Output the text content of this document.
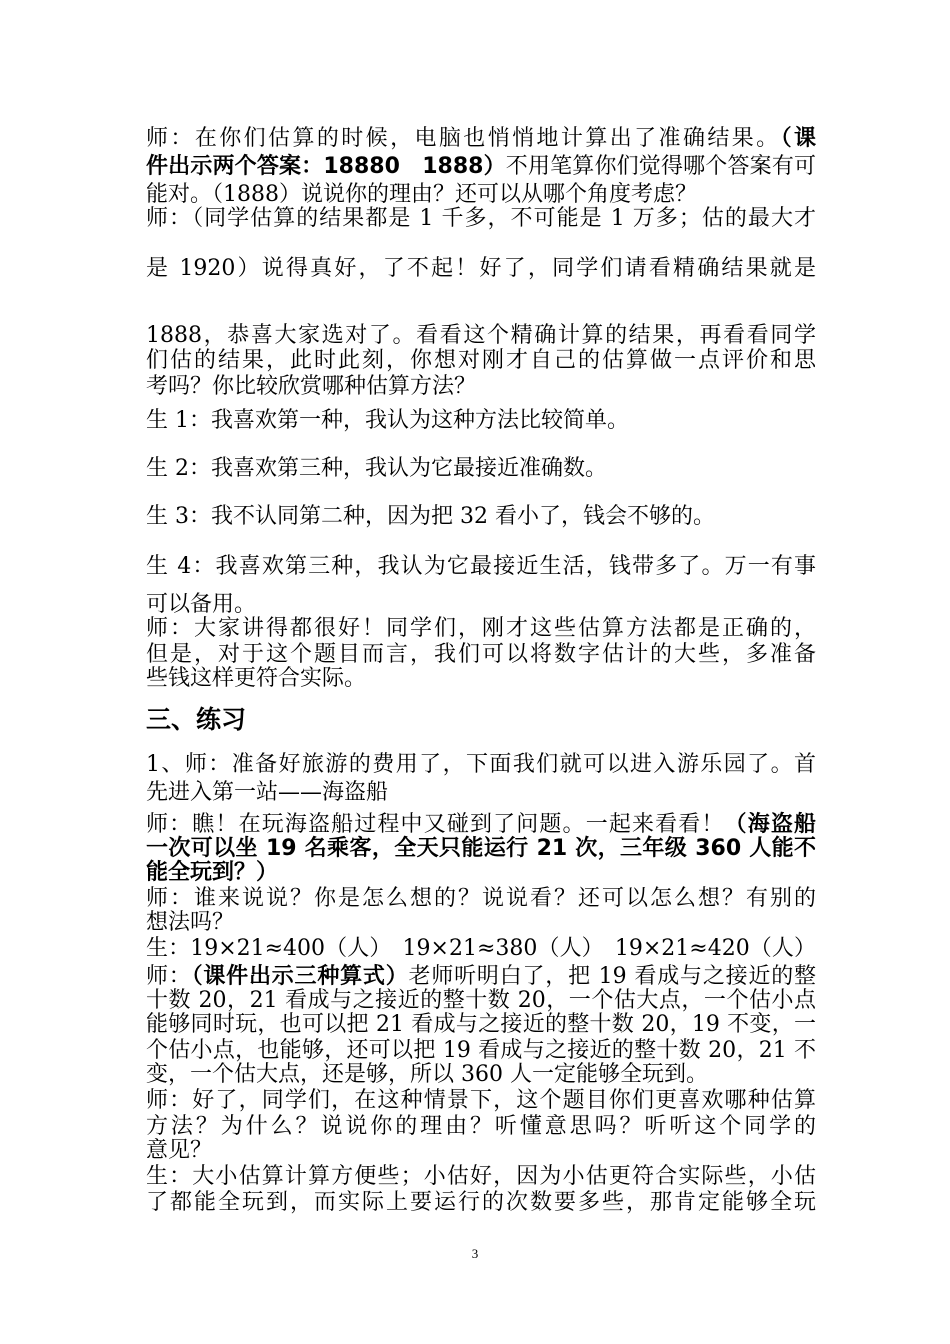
师：在你们估算的时候，电脑也悄悄地计算出了准确结果。（课
件出示两个答案：18880　1888）不用笔算你们觉得哪个答案有可
能对。（1888）说说你的理由？还可以从哪个角度考虑？
师：（同学估算的结果都是 1 千多，不可能是 1 万多；估的最大才
是 1920）说得真好，了不起！好了，同学们请看精确结果就是
1888，恭喜大家选对了。看看这个精确计算的结果，再看看同学
们估的结果，此时此刻，你想对刚才自己的估算做一点评价和思
考吗？你比较欣赏哪种估算方法？
生 1：我喜欢第一种，我认为这种方法比较简单。
生 2：我喜欢第三种，我认为它最接近准确数。
生 3：我不认同第二种，因为把 32 看小了，钱会不够的。
生 4：我喜欢第三种，我认为它最接近生活，钱带多了。万一有事
可以备用。
师：大家讲得都很好！同学们，刚才这些估算方法都是正确的，
但是，对于这个题目而言，我们可以将数字估计的大些，多准备
些钱这样更符合实际。
三、练习
1、师：准备好旅游的费用了，下面我们就可以进入游乐园了。首
先进入第一站——海盗船
师：瞧！在玩海盗船过程中又碰到了问题。一起来看看！（海盗船
一次可以坐 19 名乘客，全天只能运行 21 次，三年级 360 人能不
能全玩到？）
师：谁来说说？你是怎么想的？说说看？还可以怎么想？有别的
想法吗？
生：19×21≈400（人）　19×21≈380（人）　19×21≈420（人）
师：（课件出示三种算式）老师听明白了，把 19 看成与之接近的整
十数 20，21 看成与之接近的整十数 20，一个估大点，一个估小点
能够同时玩，也可以把 21 看成与之接近的整十数 20，19 不变，一
个估小点，也能够，还可以把 19 看成与之接近的整十数 20，21 不
变，一个估大点，还是够，所以 360 人一定能够全玩到。
师：好了，同学们，在这种情景下，这个题目你们更喜欢哪种估算
方法？为什么？说说你的理由？听懂意思吗？听听这个同学的
意见？
生：大小估算计算方便些；小估好，因为小估更符合实际些，小估
了都能全玩到，而实际上要运行的次数要多些，那肯定能够全玩
3
